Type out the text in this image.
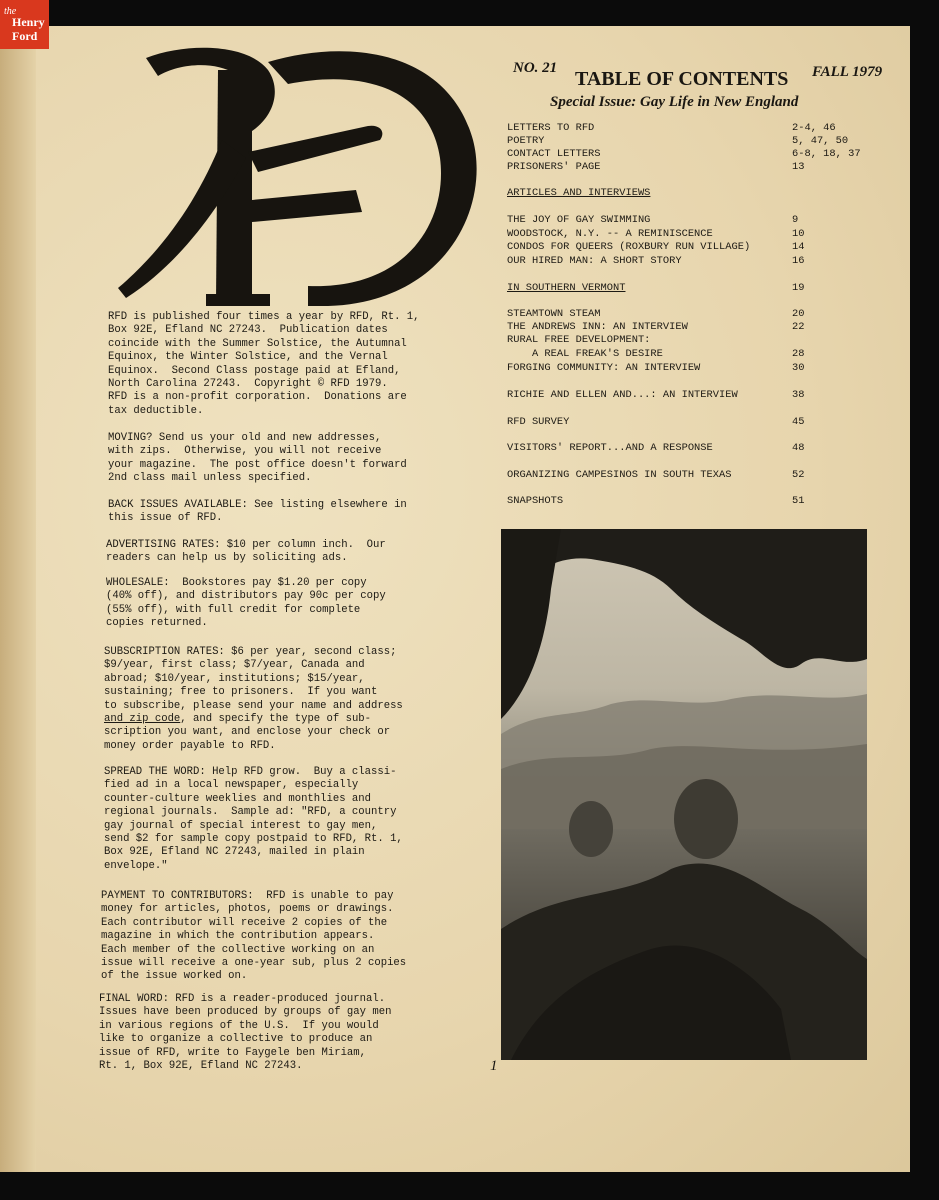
the
Henry
Ford
RFD is published four times a year by RFD, Rt. 1,
Box 92E, Efland NC 27243.  Publication dates
coincide with the Summer Solstice, the Autumnal
Equinox, the Winter Solstice, and the Vernal
Equinox.  Second Class postage paid at Efland,
North Carolina 27243.  Copyright © RFD 1979.
RFD is a non-profit corporation.  Donations are
tax deductible.
MOVING? Send us your old and new addresses,
with zips.  Otherwise, you will not receive
your magazine.  The post office doesn't forward
2nd class mail unless specified.
BACK ISSUES AVAILABLE: See listing elsewhere in
this issue of RFD.
ADVERTISING RATES: $10 per column inch.  Our
readers can help us by soliciting ads.
WHOLESALE:  Bookstores pay $1.20 per copy
(40% off), and distributors pay 90c per copy
(55% off), with full credit for complete
copies returned.
SUBSCRIPTION RATES: $6 per year, second class;
$9/year, first class; $7/year, Canada and
abroad; $10/year, institutions; $15/year,
sustaining; free to prisoners.  If you want
to subscribe, please send your name and address
and zip code, and specify the type of sub-
scription you want, and enclose your check or
money order payable to RFD.
SPREAD THE WORD: Help RFD grow.  Buy a classi-
fied ad in a local newspaper, especially
counter-culture weeklies and monthlies and
regional journals.  Sample ad: "RFD, a country
gay journal of special interest to gay men,
send $2 for sample copy postpaid to RFD, Rt. 1,
Box 92E, Efland NC 27243, mailed in plain
envelope."
PAYMENT TO CONTRIBUTORS:  RFD is unable to pay
money for articles, photos, poems or drawings.
Each contributor will receive 2 copies of the
magazine in which the contribution appears.
Each member of the collective working on an
issue will receive a one-year sub, plus 2 copies
of the issue worked on.
FINAL WORD: RFD is a reader-produced journal.
Issues have been produced by groups of gay men
in various regions of the U.S.  If you would
like to organize a collective to produce an
issue of RFD, write to Faygele ben Miriam,
Rt. 1, Box 92E, Efland NC 27243.
NO. 21 TABLE OF CONTENTS FALL 1979
Special Issue: Gay Life in New England
LETTERS TO RFD	2-4, 46
POETRY	5, 47, 50
CONTACT LETTERS	6-8, 18, 37
PRISONERS' PAGE	13
ARTICLES AND INTERVIEWS
THE JOY OF GAY SWIMMING	9
WOODSTOCK, N.Y. -- A REMINISCENCE	10
CONDOS FOR QUEERS (ROXBURY RUN VILLAGE)	14
OUR HIRED MAN: A SHORT STORY	16
IN SOUTHERN VERMONT	19
STEAMTOWN STEAM	20
THE ANDREWS INN: AN INTERVIEW	22
RURAL FREE DEVELOPMENT:
A REAL FREAK'S DESIRE	28
FORGING COMMUNITY: AN INTERVIEW	30
RICHIE AND ELLEN AND...: AN INTERVIEW	38
RFD SURVEY	45
VISITORS' REPORT...AND A RESPONSE	48
ORGANIZING CAMPESINOS IN SOUTH TEXAS	52
SNAPSHOTS	51
1
